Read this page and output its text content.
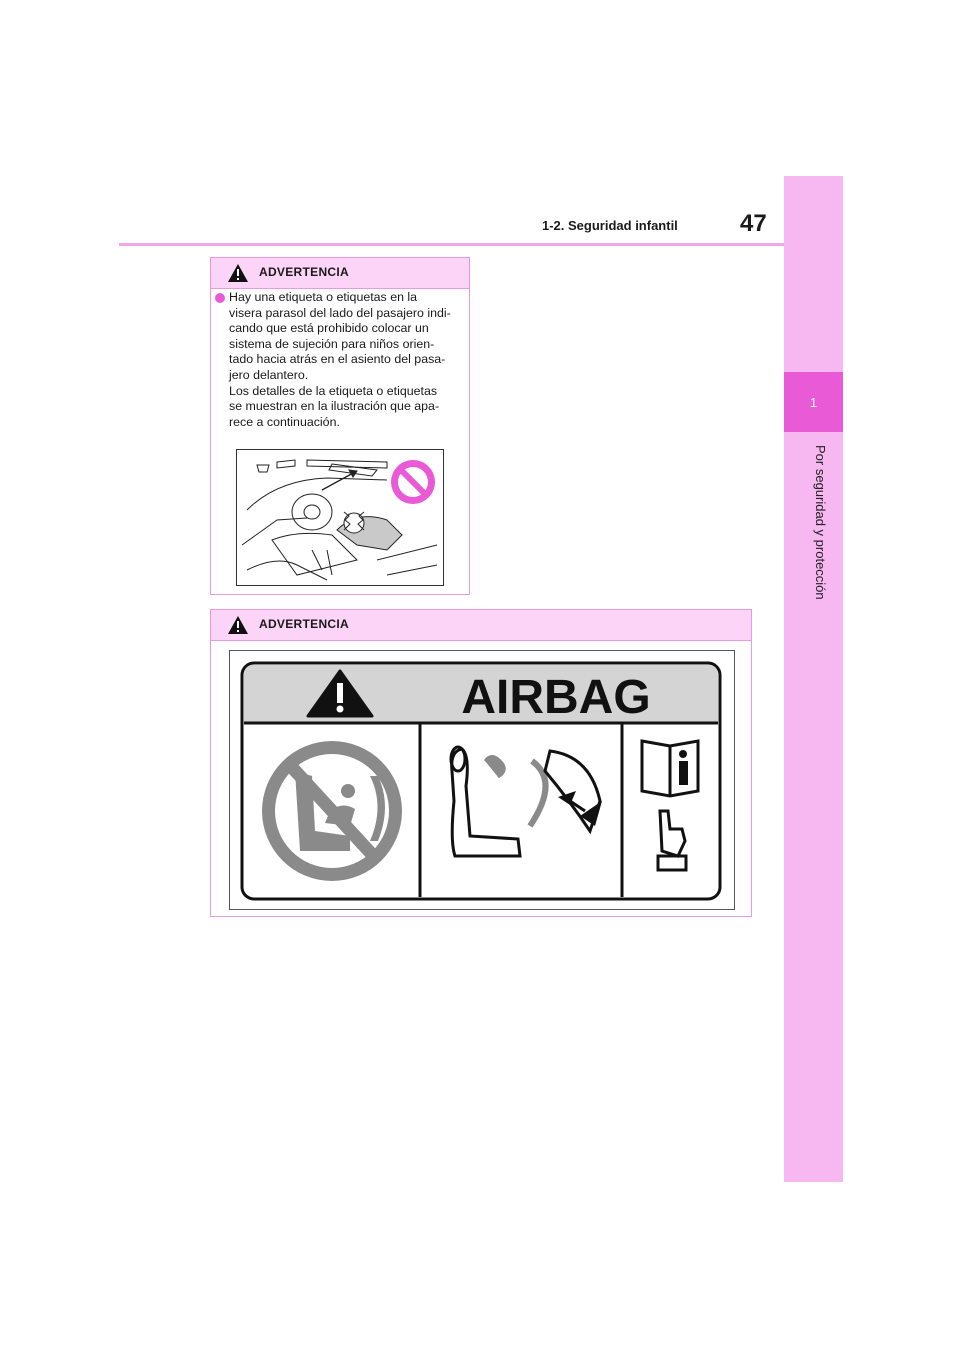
1
Por seguridad y protección
1-2. Seguridad infantil	47
ADVERTENCIA
Hay una etiqueta o etiquetas en la
visera parasol del lado del pasajero indi-
cando que está prohibido colocar un
sistema de sujeción para niños orien-
tado hacia atrás en el asiento del pasa-
jero delantero.
Los detalles de la etiqueta o etiquetas
se muestran en la ilustración que apa-
rece a continuación.
ADVERTENCIA
AIRBAG
